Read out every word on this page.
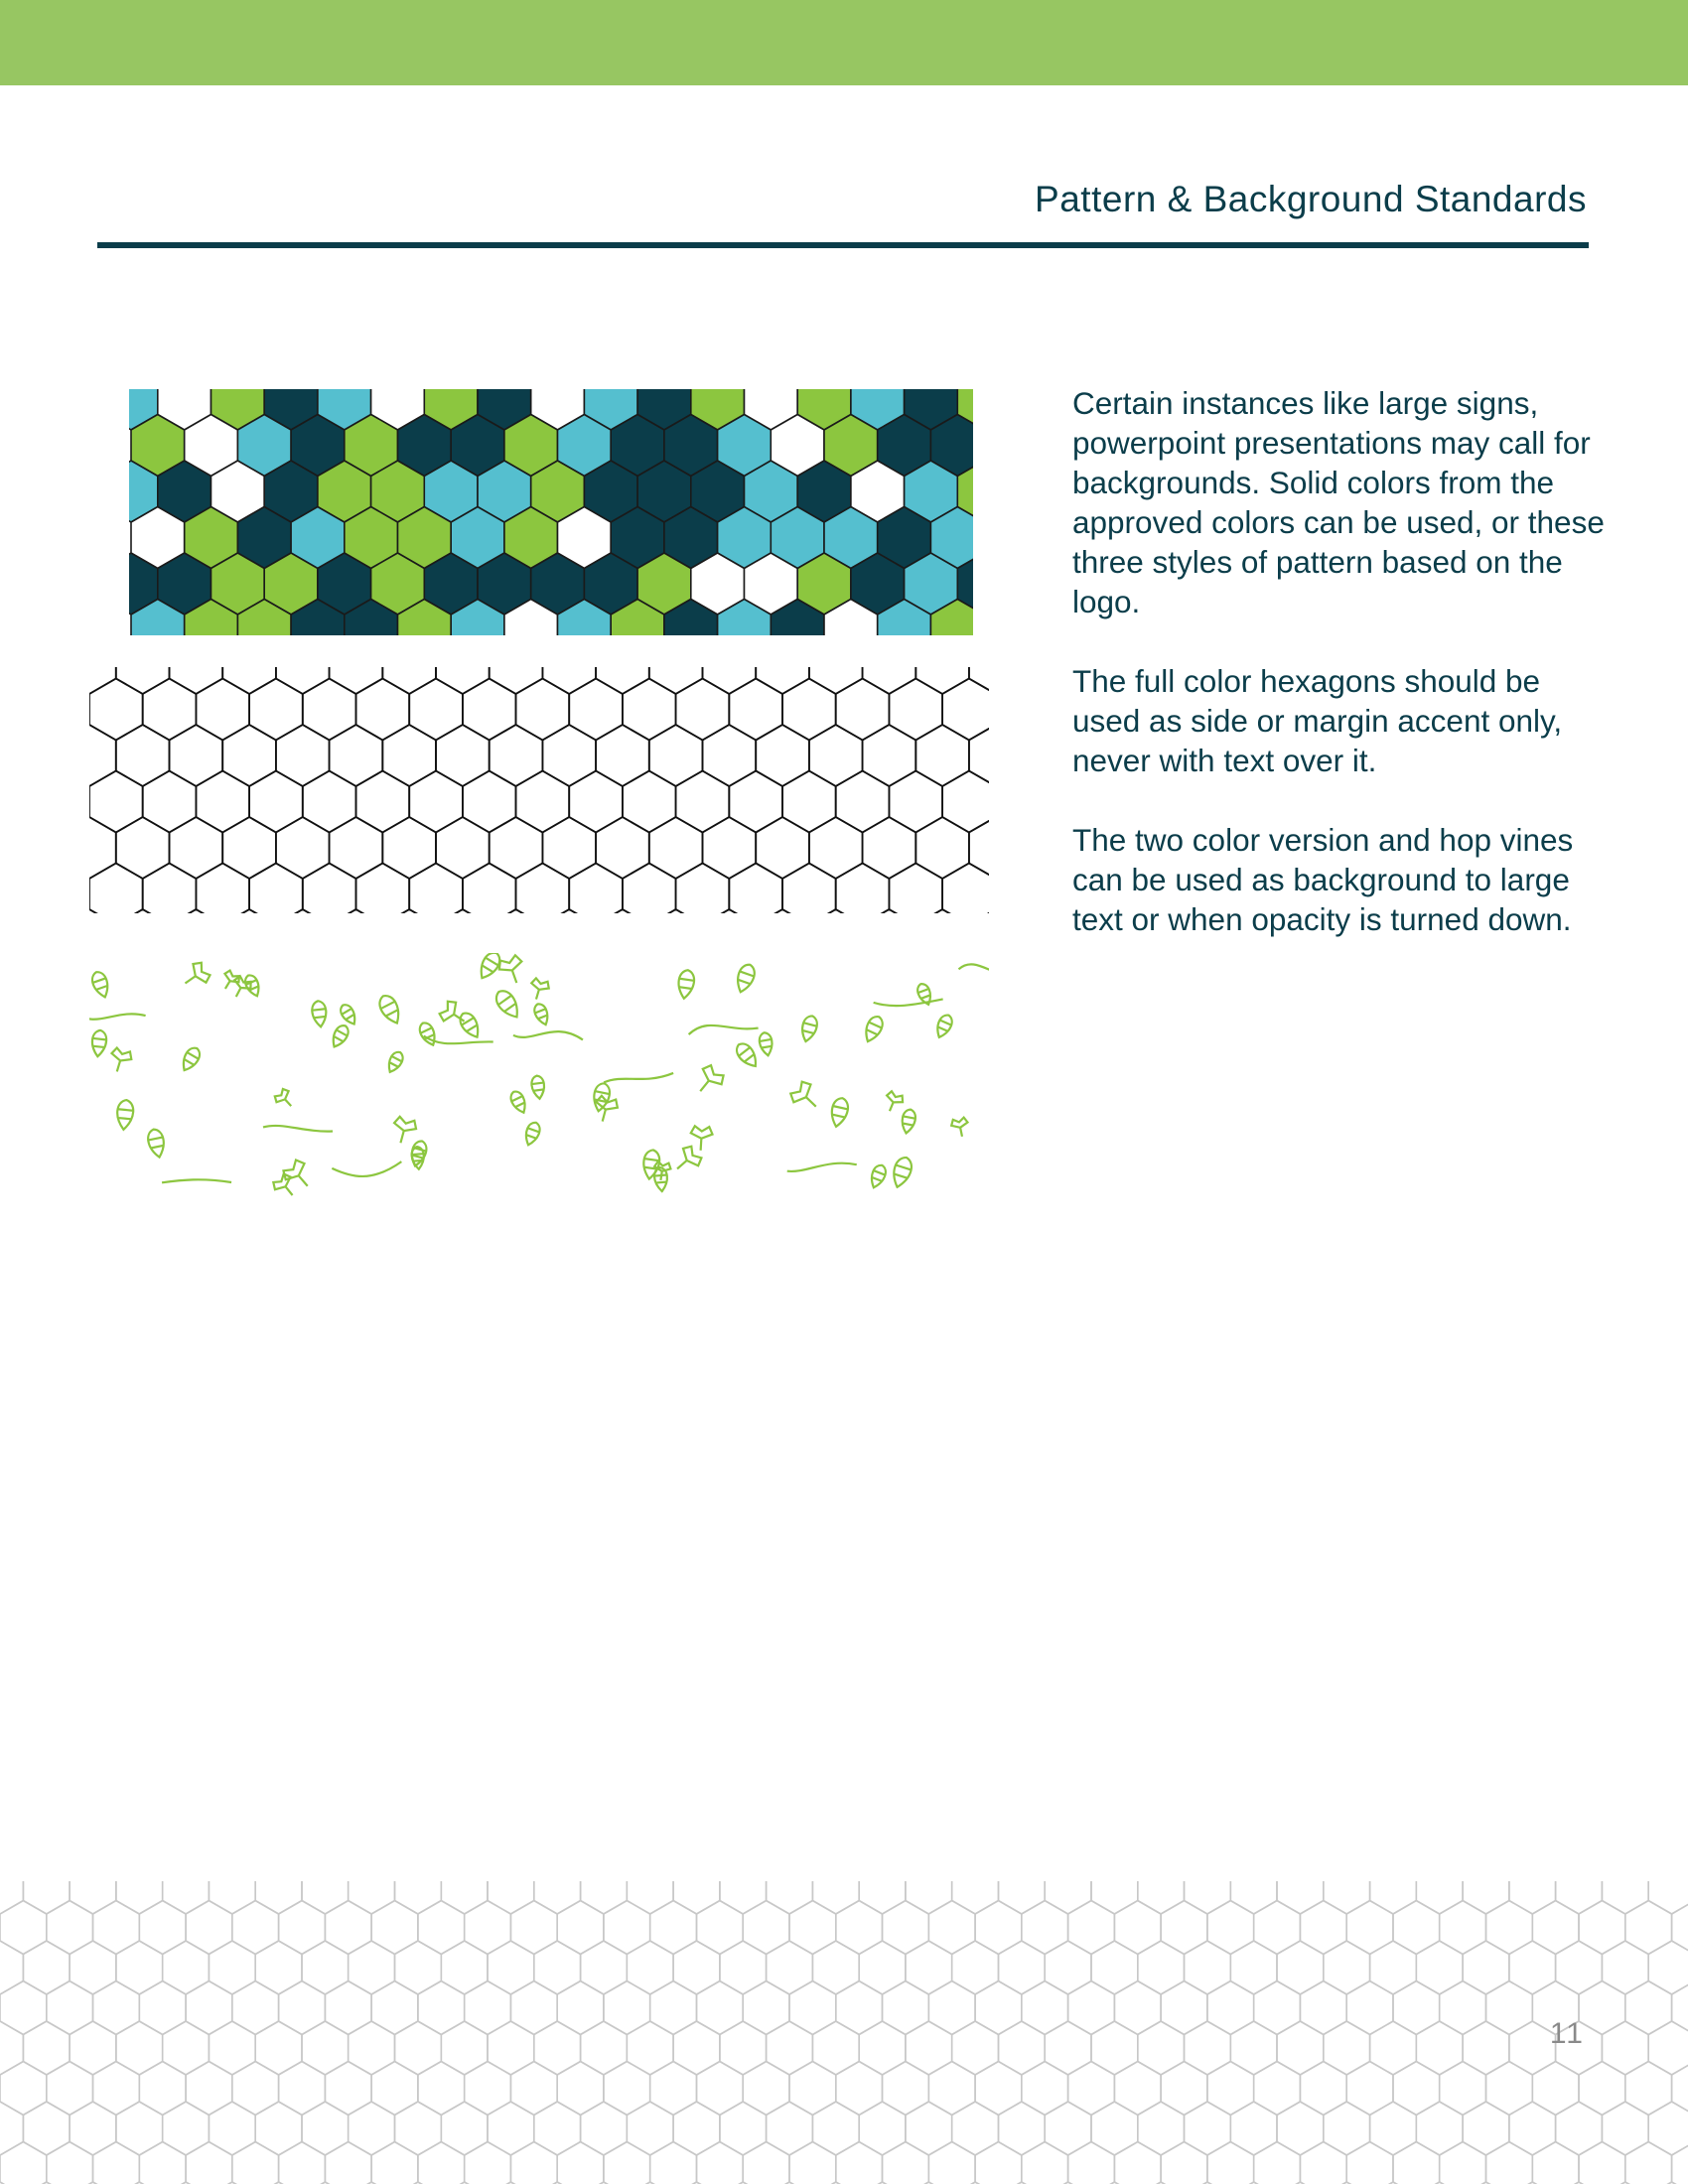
Pattern & Background Standards

Certain instances like large signs, powerpoint presentations may call for backgrounds. Solid colors from the approved colors can be used, or these three styles of pattern based on the logo.

The full color hexagons should be used as side or margin accent only, never with text over it.

The two color version and hop vines can be used as background to large text or when opacity is turned down.

11
